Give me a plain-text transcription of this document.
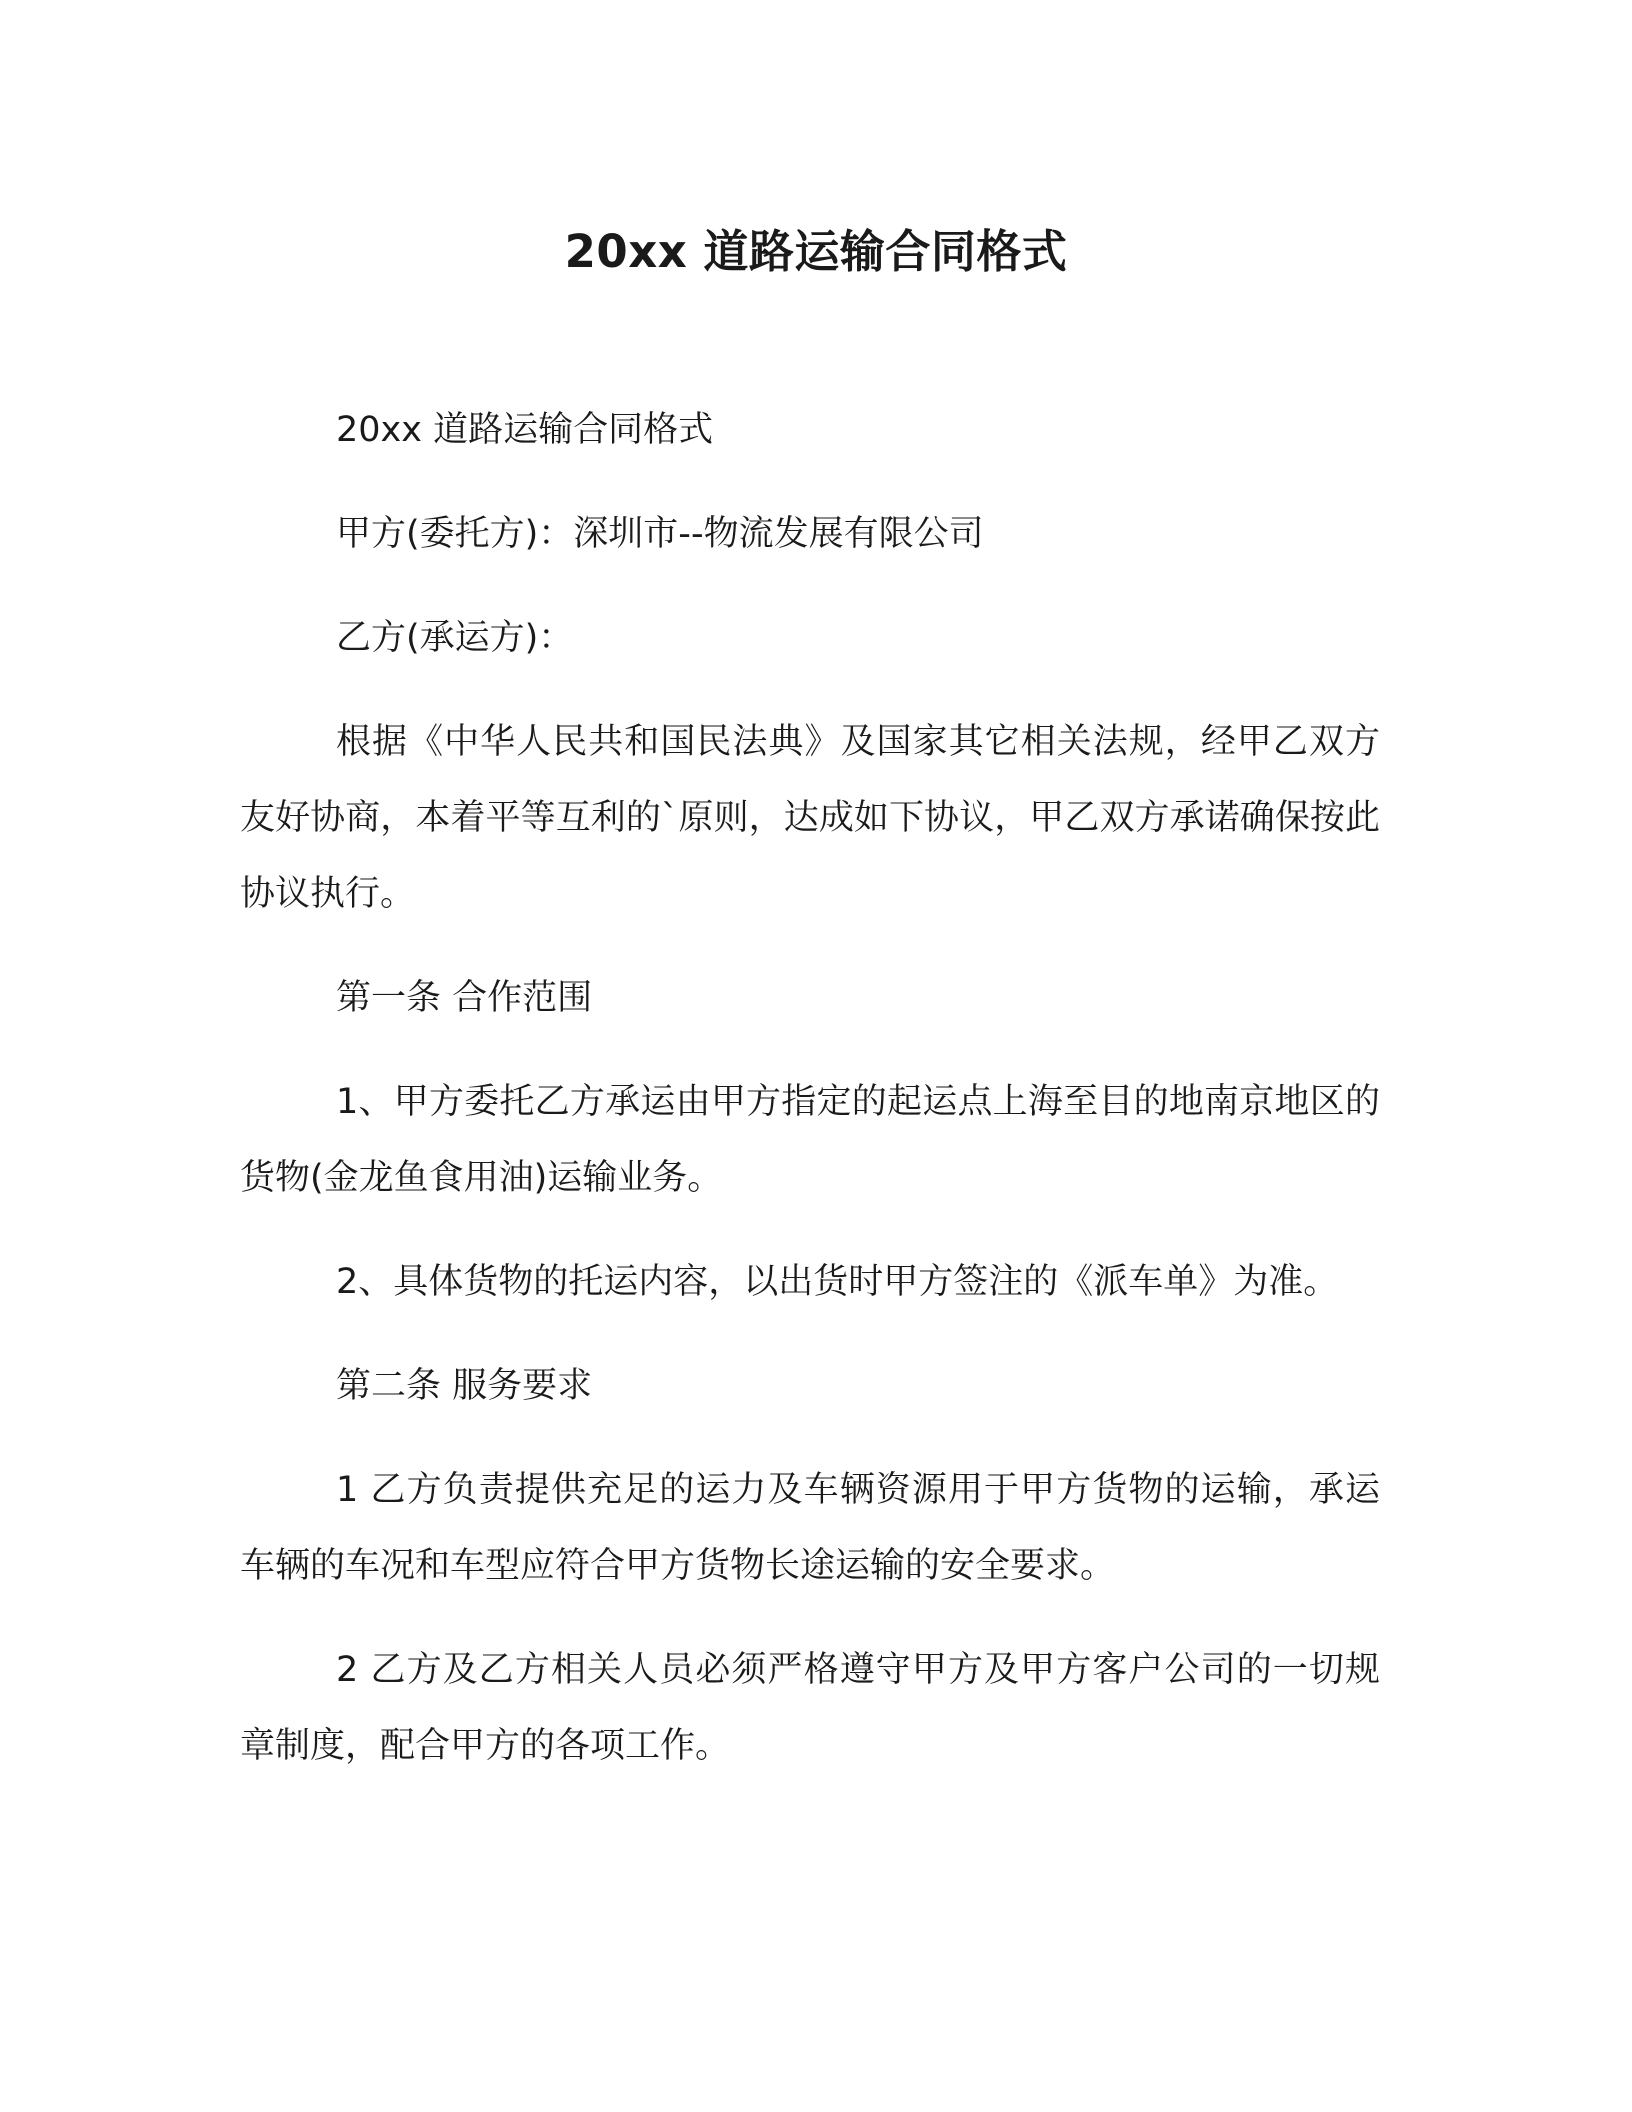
20xx 道路运输合同格式

20xx 道路运输合同格式

甲方(委托方)：深圳市--物流发展有限公司

乙方(承运方)：

根据《中华人民共和国民法典》及国家其它相关法规，经甲乙双方友好协商，本着平等互利的`原则，达成如下协议，甲乙双方承诺确保按此协议执行。

第一条 合作范围

1、甲方委托乙方承运由甲方指定的起运点上海至目的地南京地区的货物(金龙鱼食用油)运输业务。

2、具体货物的托运内容，以出货时甲方签注的《派车单》为准。

第二条 服务要求

1 乙方负责提供充足的运力及车辆资源用于甲方货物的运输，承运车辆的车况和车型应符合甲方货物长途运输的安全要求。

2 乙方及乙方相关人员必须严格遵守甲方及甲方客户公司的一切规章制度，配合甲方的各项工作。
